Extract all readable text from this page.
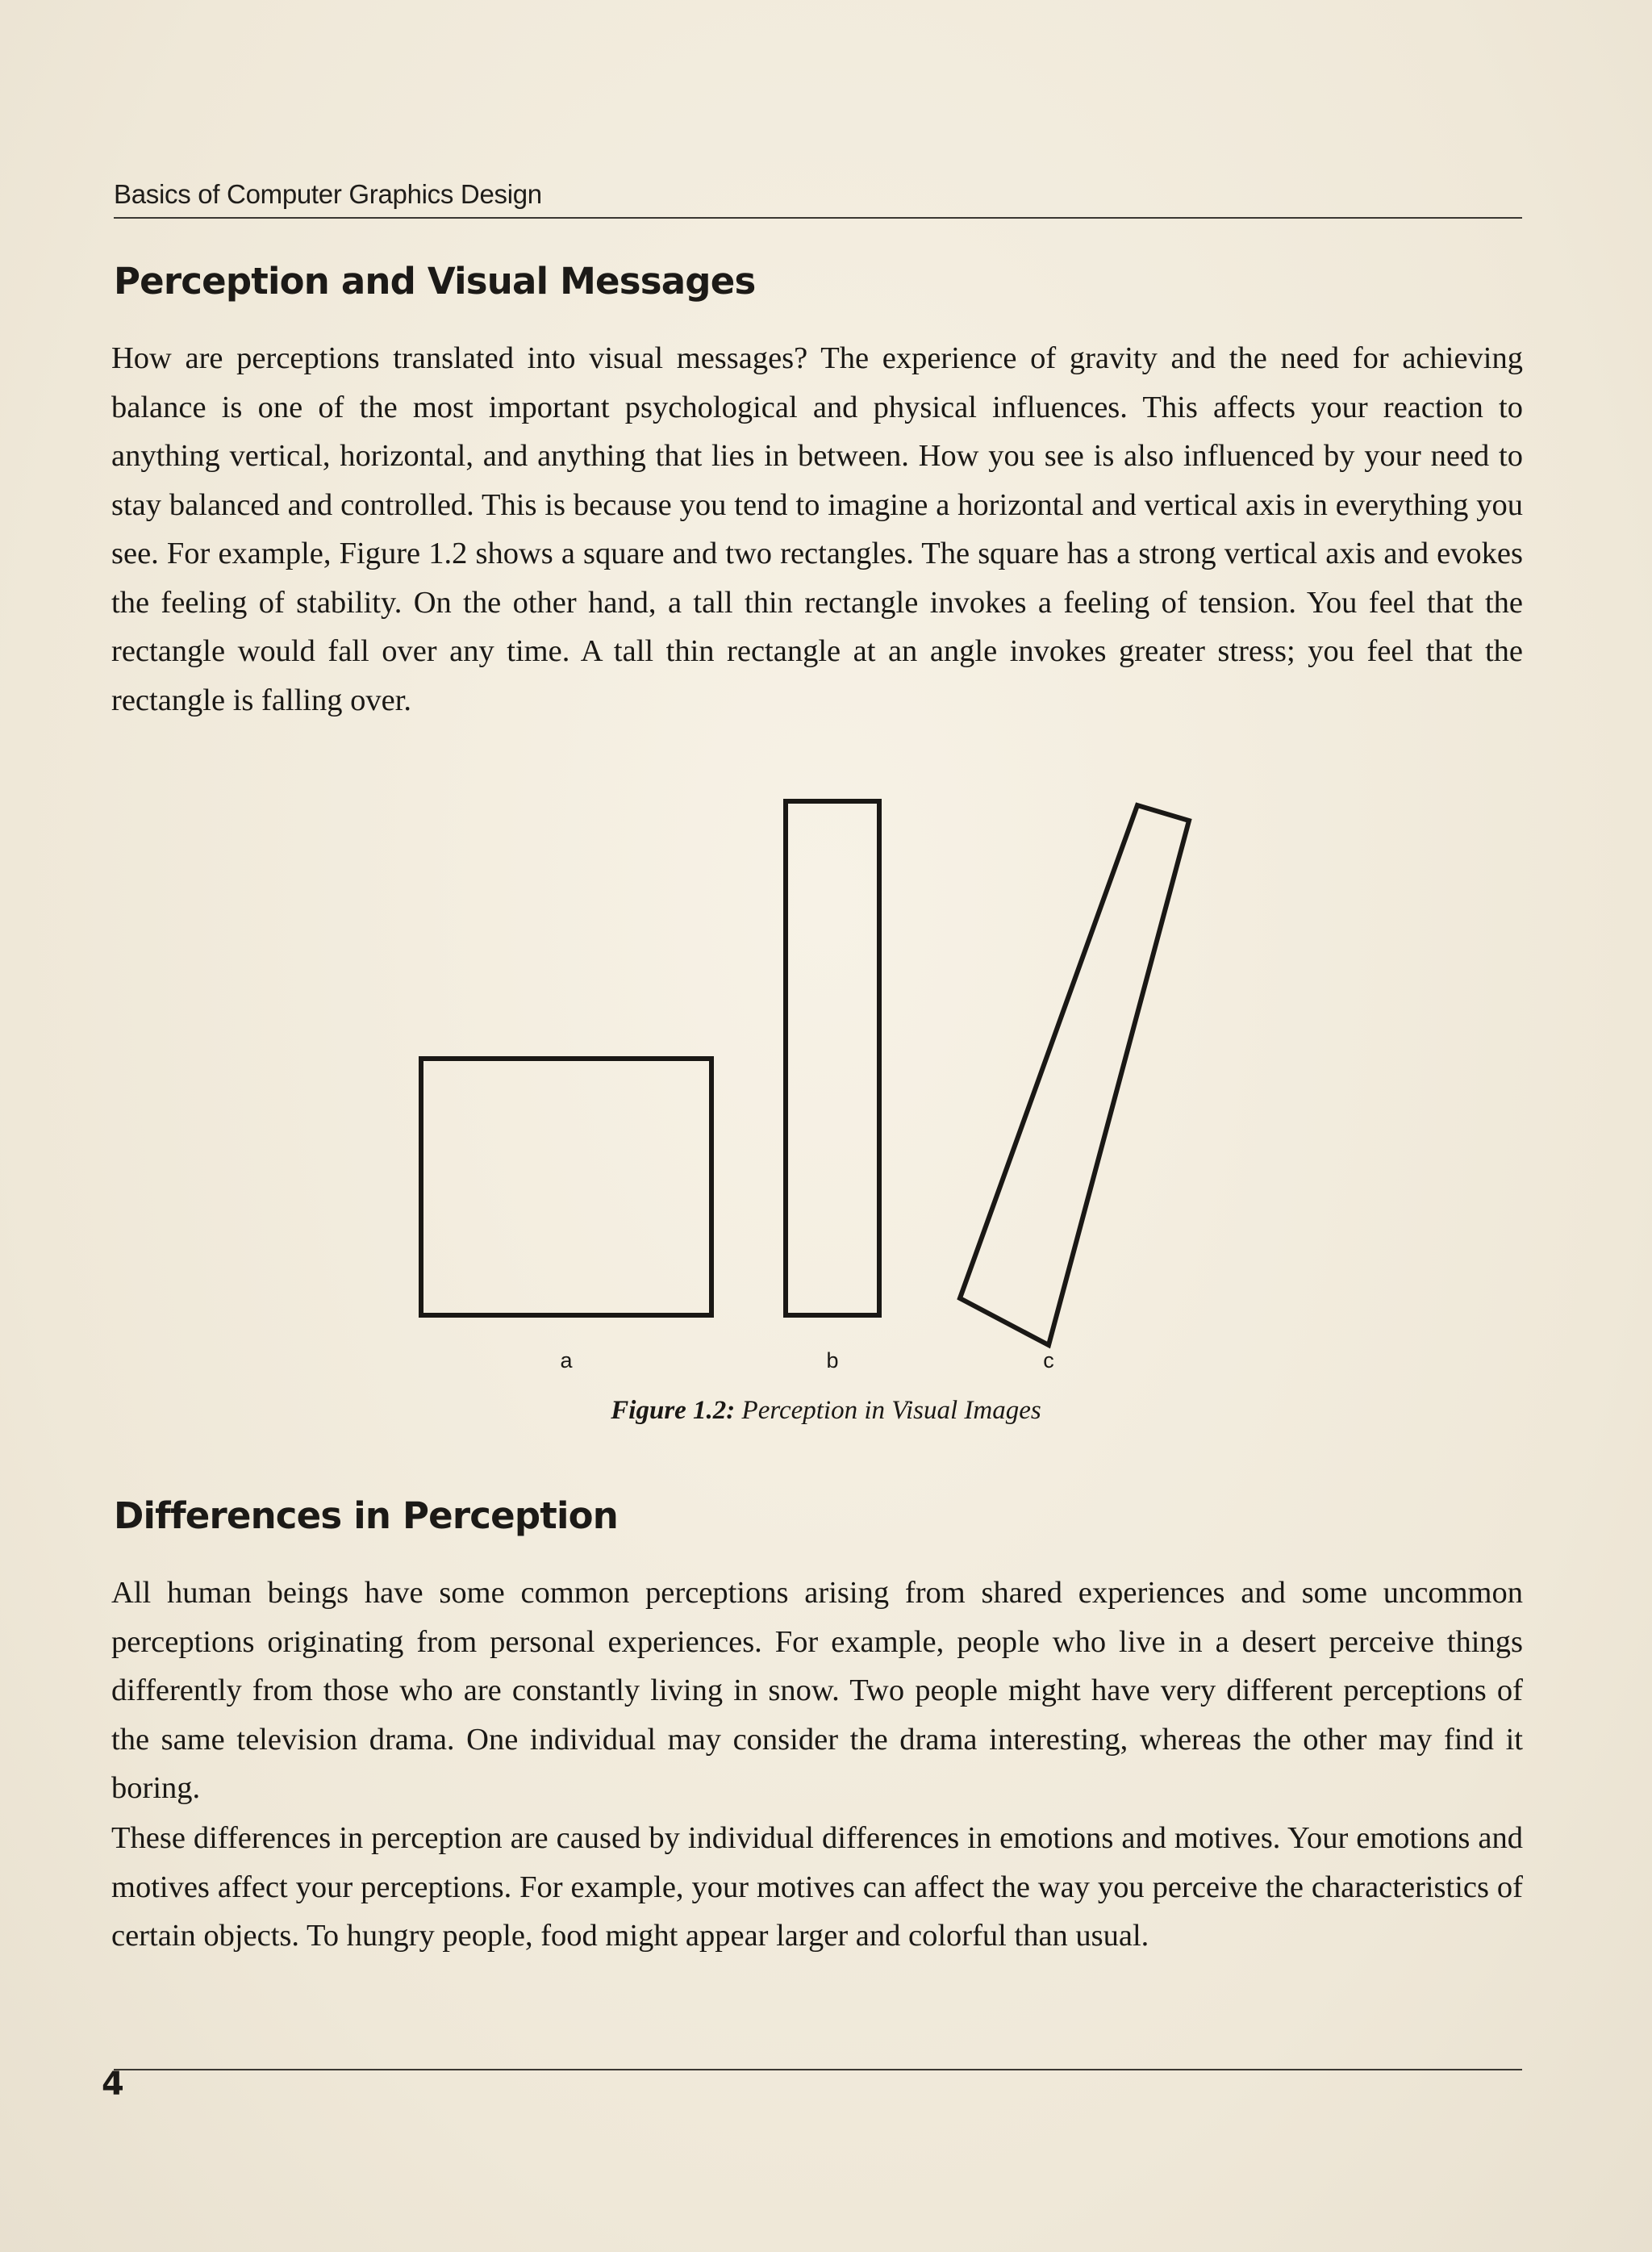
Basics of Computer Graphics Design
Perception and Visual Messages

How are perceptions translated into visual messages? The experience of gravity and the need for achieving balance is one of the most important psychological and physical influences. This affects your reaction to anything vertical, horizontal, and anything that lies in between. How you see is also influenced by your need to stay balanced and controlled. This is because you tend to imagine a horizontal and vertical axis in everything you see. For example, Figure 1.2 shows a square and two rectangles. The square has a strong vertical axis and evokes the feeling of stability. On the other hand, a tall thin rectangle invokes a feeling of tension. You feel that the rectangle would fall over any time. A tall thin rectangle at an angle invokes greater stress; you feel that the rectangle is falling over.

a	b	c
Figure 1.2: Perception in Visual Images
Differences in Perception

All human beings have some common perceptions arising from shared experiences and some uncommon perceptions originating from personal experiences. For example, people who live in a desert perceive things differently from those who are constantly living in snow. Two people might have very different perceptions of the same television drama. One individual may consider the drama interesting, whereas the other may find it boring.

These differences in perception are caused by individual differences in emotions and motives. Your emotions and motives affect your perceptions. For example, your motives can affect the way you perceive the characteristics of certain objects. To hungry people, food might appear larger and colorful than usual.

4
